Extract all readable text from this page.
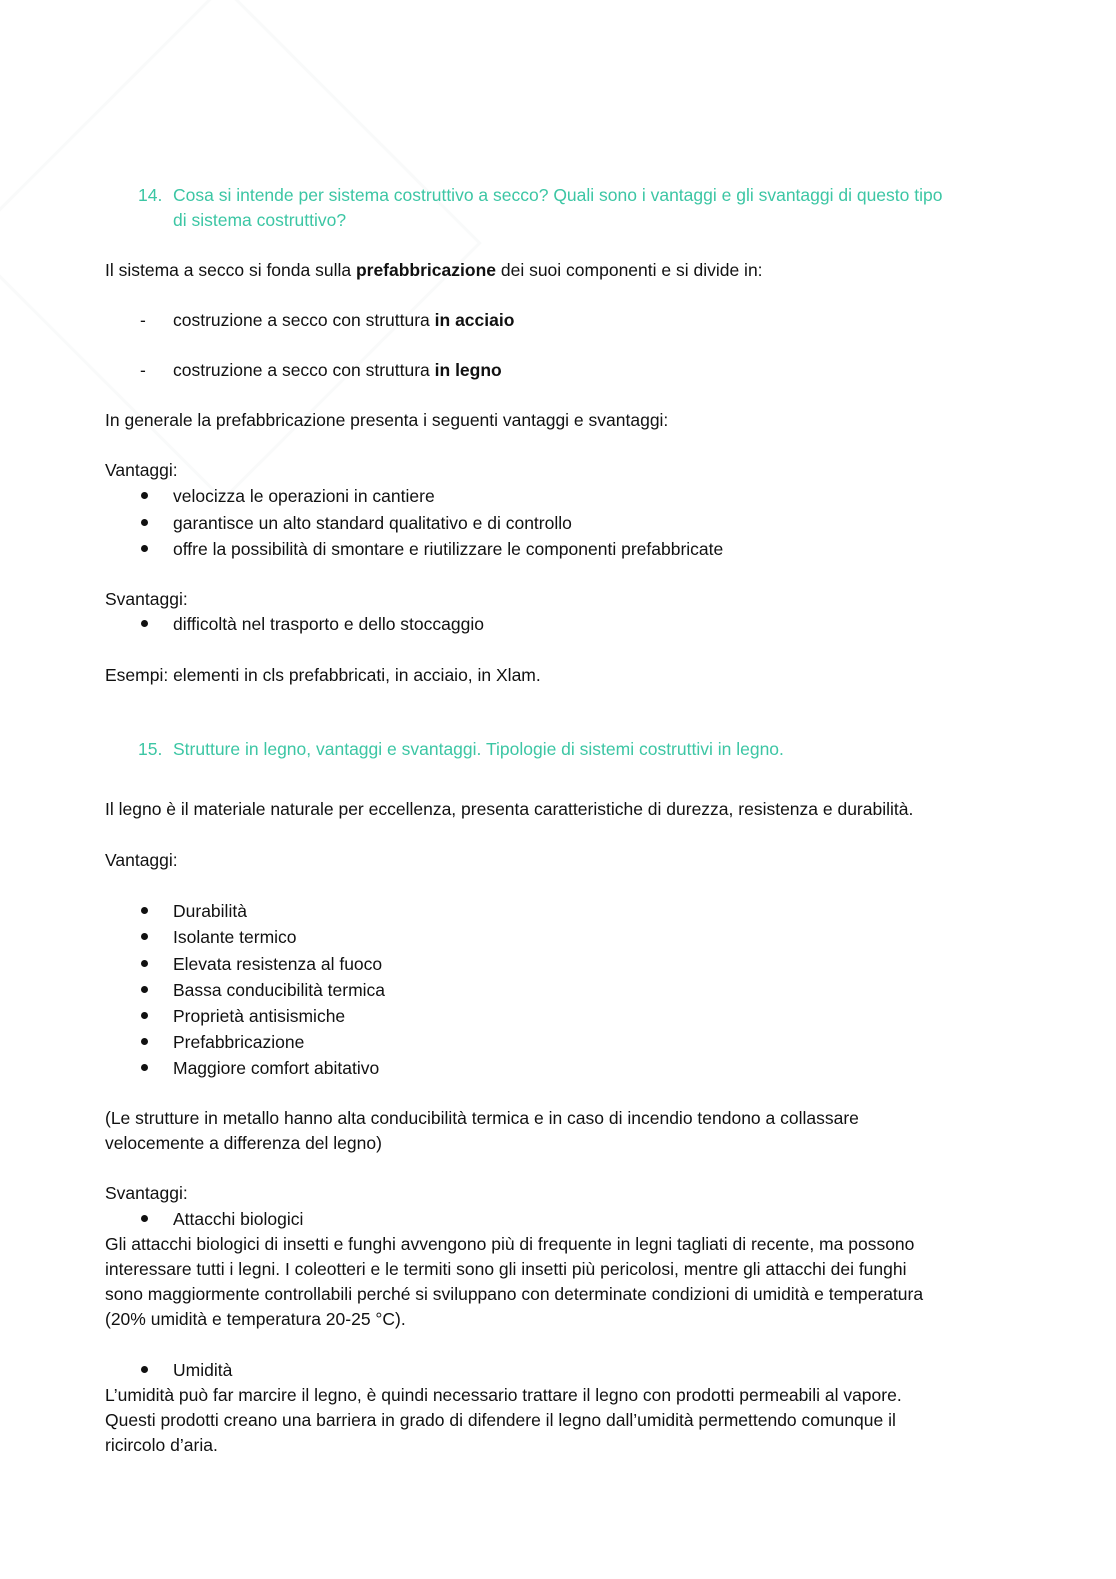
14. Cosa si intende per sistema costruttivo a secco? Quali sono i vantaggi e gli svantaggi di questo tipo
di sistema costruttivo?
Il sistema a secco si fonda sulla prefabbricazione dei suoi componenti e si divide in:
- costruzione a secco con struttura in acciaio
- costruzione a secco con struttura in legno
In generale la prefabbricazione presenta i seguenti vantaggi e svantaggi:
Vantaggi:
velocizza le operazioni in cantiere
garantisce un alto standard qualitativo e di controllo
offre la possibilità di smontare e riutilizzare le componenti prefabbricate
Svantaggi:
difficoltà nel trasporto e dello stoccaggio
Esempi: elementi in cls prefabbricati, in acciaio, in Xlam.
15. Strutture in legno, vantaggi e svantaggi. Tipologie di sistemi costruttivi in legno.
Il legno è il materiale naturale per eccellenza, presenta caratteristiche di durezza, resistenza e durabilità.
Vantaggi:
Durabilità
Isolante termico
Elevata resistenza al fuoco
Bassa conducibilità termica
Proprietà antisismiche
Prefabbricazione
Maggiore comfort abitativo
(Le strutture in metallo hanno alta conducibilità termica e in caso di incendio tendono a collassare
velocemente a differenza del legno)
Svantaggi:
Attacchi biologici
Gli attacchi biologici di insetti e funghi avvengono più di frequente in legni tagliati di recente, ma possono
interessare tutti i legni. I coleotteri e le termiti sono gli insetti più pericolosi, mentre gli attacchi dei funghi
sono maggiormente controllabili perché si sviluppano con determinate condizioni di umidità e temperatura
(20% umidità e temperatura 20-25 °C).
Umidità
L’umidità può far marcire il legno, è quindi necessario trattare il legno con prodotti permeabili al vapore.
Questi prodotti creano una barriera in grado di difendere il legno dall’umidità permettendo comunque il
ricircolo d’aria.
